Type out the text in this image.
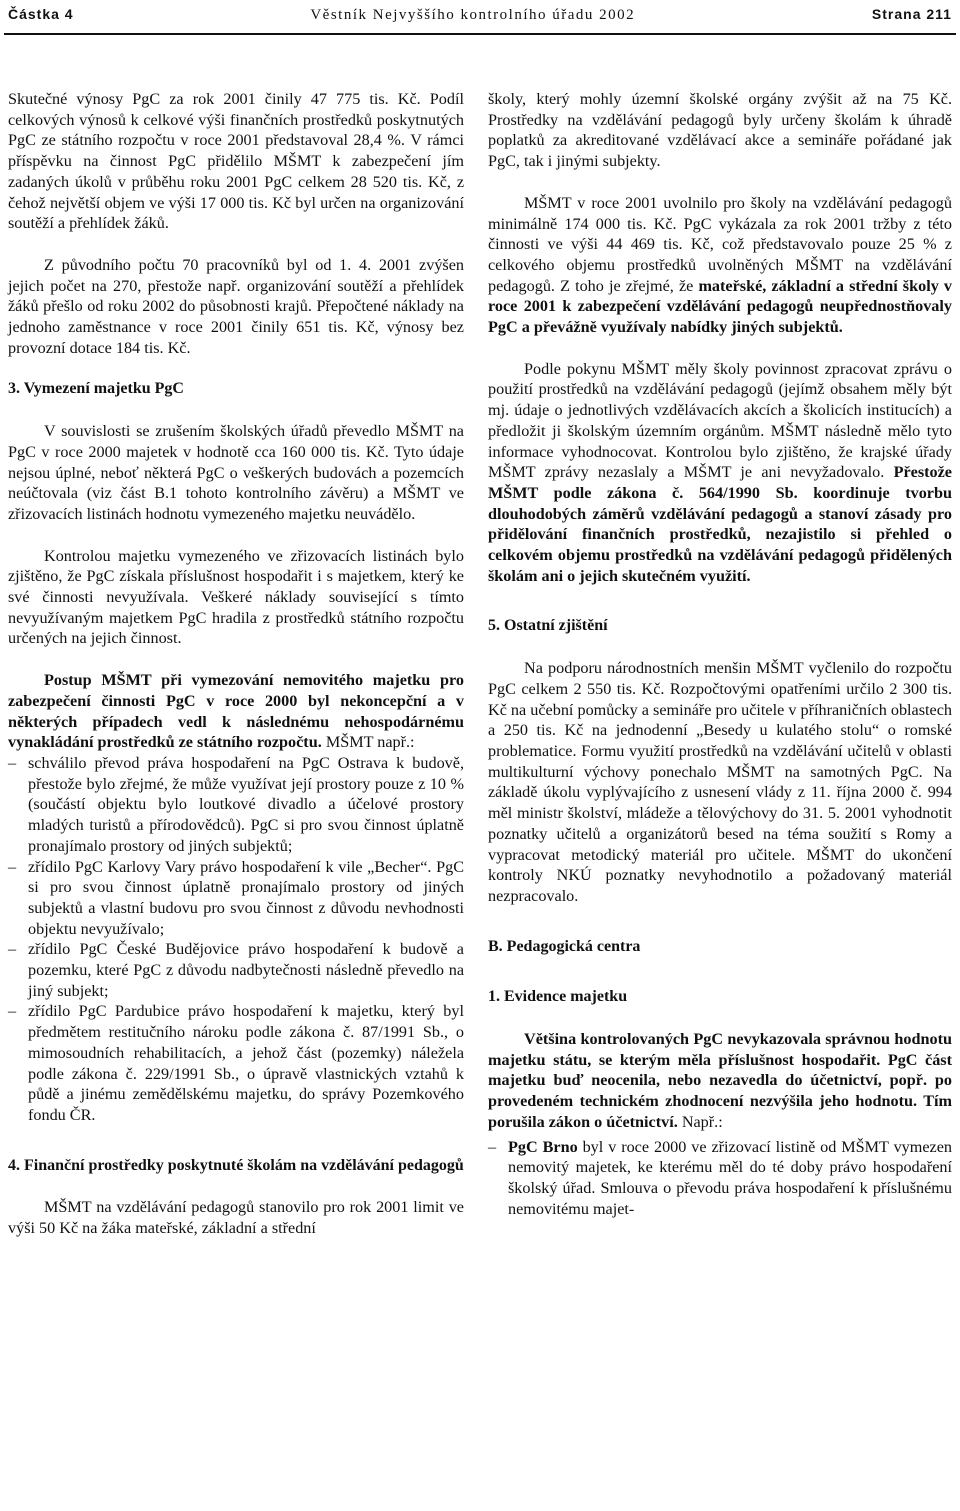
Částka 4	Věstník Nejvyššího kontrolního úřadu 2002	Strana 211

Skutečné výnosy PgC za rok 2001 činily 47 775 tis. Kč. Podíl celkových výnosů k celkové výši finančních prostředků poskytnutých PgC ze státního rozpočtu v roce 2001 představoval 28,4 %. V rámci příspěvku na činnost PgC přidělilo MŠMT k zabezpečení jím zadaných úkolů v průběhu roku 2001 PgC celkem 28 520 tis. Kč, z čehož největší objem ve výši 17 000 tis. Kč byl určen na organizování soutěží a přehlídek žáků.

Z původního počtu 70 pracovníků byl od 1. 4. 2001 zvýšen jejich počet na 270, přestože např. organizování soutěží a přehlídek žáků přešlo od roku 2002 do působnosti krajů. Přepočtené náklady na jednoho zaměstnance v roce 2001 činily 651 tis. Kč, výnosy bez provozní dotace 184 tis. Kč.

3. Vymezení majetku PgC

V souvislosti se zrušením školských úřadů převedlo MŠMT na PgC v roce 2000 majetek v hodnotě cca 160 000 tis. Kč. Tyto údaje nejsou úplné, neboť některá PgC o veškerých budovách a pozemcích neúčtovala (viz část B.1 tohoto kontrolního závěru) a MŠMT ve zřizovacích listinách hodnotu vymezeného majetku neuvádělo.

Kontrolou majetku vymezeného ve zřizovacích listinách bylo zjištěno, že PgC získala příslušnost hospodařit i s majetkem, který ke své činnosti nevyužívala. Veškeré náklady související s tímto nevyužívaným majetkem PgC hradila z prostředků státního rozpočtu určených na jejich činnost.

Postup MŠMT při vymezování nemovitého majetku pro zabezpečení činnosti PgC v roce 2000 byl nekoncepční a v některých případech vedl k následnému nehospodárnému vynakládání prostředků ze státního rozpočtu. MŠMT např.:

– schválilo převod práva hospodaření na PgC Ostrava k budově, přestože bylo zřejmé, že může využívat její prostory pouze z 10 % (součástí objektu bylo loutkové divadlo a účelové prostory mladých turistů a přírodovědců). PgC si pro svou činnost úplatně pronajímalo prostory od jiných subjektů;
– zřídilo PgC Karlovy Vary právo hospodaření k vile „Becher“. PgC si pro svou činnost úplatně pronajímalo prostory od jiných subjektů a vlastní budovu pro svou činnost z důvodu nevhodnosti objektu nevyužívalo;
– zřídilo PgC České Budějovice právo hospodaření k budově a pozemku, které PgC z důvodu nadbytečnosti následně převedlo na jiný subjekt;
– zřídilo PgC Pardubice právo hospodaření k majetku, který byl předmětem restitučního nároku podle zákona č. 87/1991 Sb., o mimosoudních rehabilitacích, a jehož část (pozemky) náležela podle zákona č. 229/1991 Sb., o úpravě vlastnických vztahů k půdě a jinému zemědělskému majetku, do správy Pozemkového fondu ČR.

4. Finanční prostředky poskytnuté školám na vzdělávání pedagogů

MŠMT na vzdělávání pedagogů stanovilo pro rok 2001 limit ve výši 50 Kč na žáka mateřské, základní a střední

školy, který mohly územní školské orgány zvýšit až na 75 Kč. Prostředky na vzdělávání pedagogů byly určeny školám k úhradě poplatků za akreditované vzdělávací akce a semináře pořádané jak PgC, tak i jinými subjekty.

MŠMT v roce 2001 uvolnilo pro školy na vzdělávání pedagogů minimálně 174 000 tis. Kč. PgC vykázala za rok 2001 tržby z této činnosti ve výši 44 469 tis. Kč, což představovalo pouze 25 % z celkového objemu prostředků uvolněných MŠMT na vzdělávání pedagogů. Z toho je zřejmé, že mateřské, základní a střední školy v roce 2001 k zabezpečení vzdělávání pedagogů neupřednostňovaly PgC a převážně využívaly nabídky jiných subjektů.

Podle pokynu MŠMT měly školy povinnost zpracovat zprávu o použití prostředků na vzdělávání pedagogů (jejímž obsahem měly být mj. údaje o jednotlivých vzdělávacích akcích a školicích institucích) a předložit ji školským územním orgánům. MŠMT následně mělo tyto informace vyhodnocovat. Kontrolou bylo zjištěno, že krajské úřady MŠMT zprávy nezaslaly a MŠMT je ani nevyžadovalo. Přestože MŠMT podle zákona č. 564/1990 Sb. koordinuje tvorbu dlouhodobých záměrů vzdělávání pedagogů a stanoví zásady pro přidělování finančních prostředků, nezajistilo si přehled o celkovém objemu prostředků na vzdělávání pedagogů přidělených školám ani o jejich skutečném využití.

5. Ostatní zjištění

Na podporu národnostních menšin MŠMT vyčlenilo do rozpočtu PgC celkem 2 550 tis. Kč. Rozpočtovými opatřeními určilo 2 300 tis. Kč na učební pomůcky a semináře pro učitele v příhraničních oblastech a 250 tis. Kč na jednodenní „Besedy u kulatého stolu“ o romské problematice. Formu využití prostředků na vzdělávání učitelů v oblasti multikulturní výchovy ponechalo MŠMT na samotných PgC. Na základě úkolu vyplývajícího z usnesení vlády z 11. října 2000 č. 994 měl ministr školství, mládeže a tělovýchovy do 31. 5. 2001 vyhodnotit poznatky učitelů a organizátorů besed na téma soužití s Romy a vypracovat metodický materiál pro učitele. MŠMT do ukončení kontroly NKÚ poznatky nevyhodnotilo a požadovaný materiál nezpracovalo.

B. Pedagogická centra

1. Evidence majetku

Většina kontrolovaných PgC nevykazovala správnou hodnotu majetku státu, se kterým měla příslušnost hospodařit. PgC část majetku buď neocenila, nebo nezavedla do účetnictví, popř. po provedeném technickém zhodnocení nezvýšila jeho hodnotu. Tím porušila zákon o účetnictví. Např.:

– PgC Brno byl v roce 2000 ve zřizovací listině od MŠMT vymezen nemovitý majetek, ke kterému měl do té doby právo hospodaření školský úřad. Smlouva o převodu práva hospodaření k příslušnému nemovitému majet-
